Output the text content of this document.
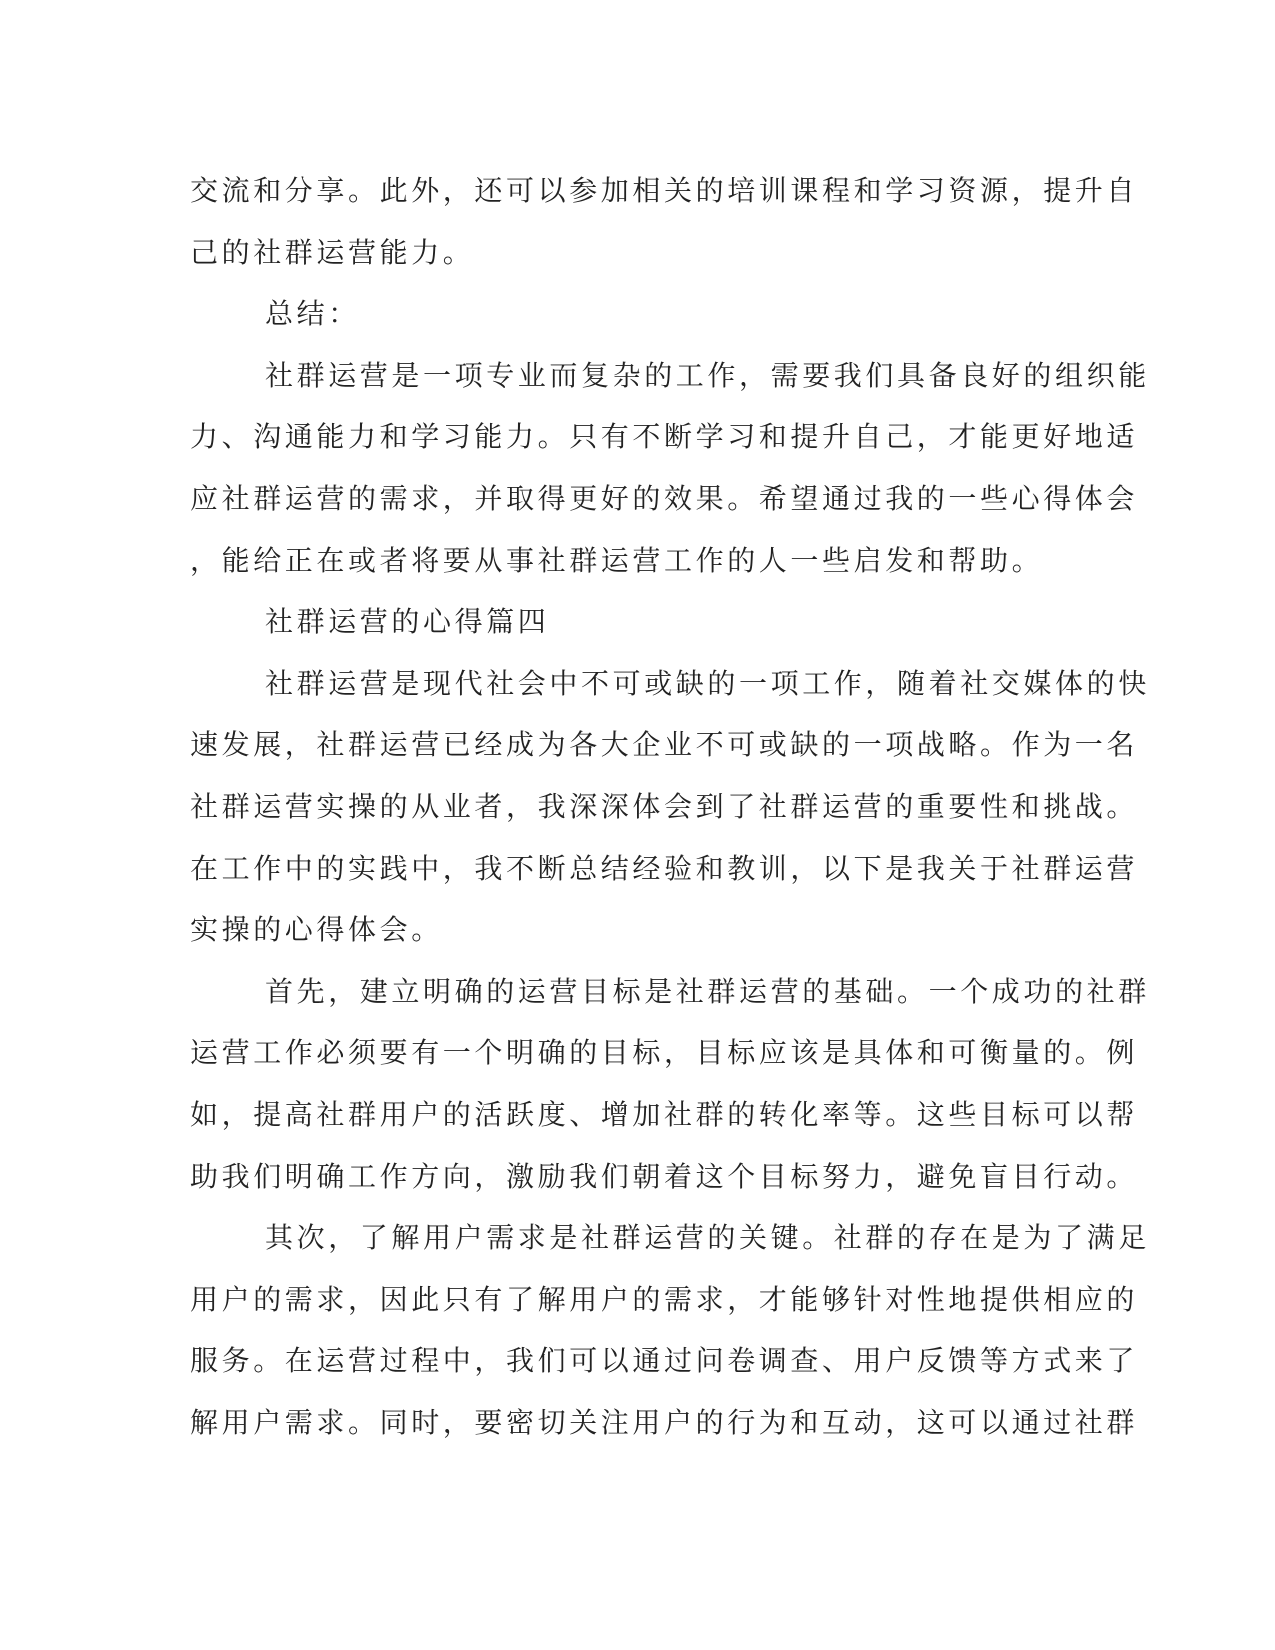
交流和分享。此外，还可以参加相关的培训课程和学习资源，提升自
己的社群运营能力。
总结：
社群运营是一项专业而复杂的工作，需要我们具备良好的组织能
力、沟通能力和学习能力。只有不断学习和提升自己，才能更好地适
应社群运营的需求，并取得更好的效果。希望通过我的一些心得体会
，能给正在或者将要从事社群运营工作的人一些启发和帮助。
社群运营的心得篇四
社群运营是现代社会中不可或缺的一项工作，随着社交媒体的快
速发展，社群运营已经成为各大企业不可或缺的一项战略。作为一名
社群运营实操的从业者，我深深体会到了社群运营的重要性和挑战。
在工作中的实践中，我不断总结经验和教训，以下是我关于社群运营
实操的心得体会。
首先，建立明确的运营目标是社群运营的基础。一个成功的社群
运营工作必须要有一个明确的目标，目标应该是具体和可衡量的。例
如，提高社群用户的活跃度、增加社群的转化率等。这些目标可以帮
助我们明确工作方向，激励我们朝着这个目标努力，避免盲目行动。
其次，了解用户需求是社群运营的关键。社群的存在是为了满足
用户的需求，因此只有了解用户的需求，才能够针对性地提供相应的
服务。在运营过程中，我们可以通过问卷调查、用户反馈等方式来了
解用户需求。同时，要密切关注用户的行为和互动，这可以通过社群
